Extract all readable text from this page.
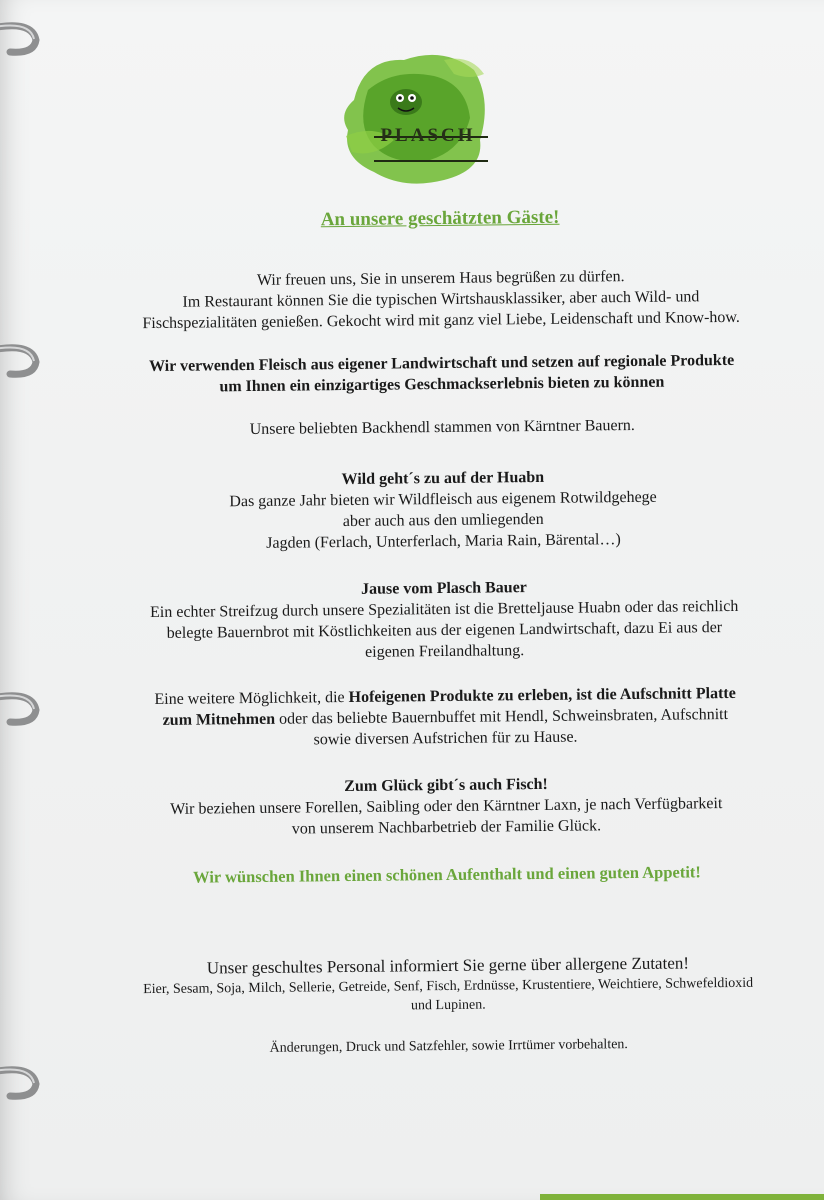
PLASCH
An unsere geschätzten Gäste!

Wir freuen uns, Sie in unserem Haus begrüßen zu dürfen.

Im Restaurant können Sie die typischen Wirtshausklassiker, aber auch Wild- und

Fischspezialitäten genießen. Gekocht wird mit ganz viel Liebe, Leidenschaft und Know-how.

Wir verwenden Fleisch aus eigener Landwirtschaft und setzen auf regionale Produkte

um Ihnen ein einzigartiges Geschmackserlebnis bieten zu können

Unsere beliebten Backhendl stammen von Kärntner Bauern.

Wild geht´s zu auf der Huabn

Das ganze Jahr bieten wir Wildfleisch aus eigenem Rotwildgehege

aber auch aus den umliegenden

Jagden (Ferlach, Unterferlach, Maria Rain, Bärental…)

Jause vom Plasch Bauer

Ein echter Streifzug durch unsere Spezialitäten ist die Bretteljause Huabn oder das reichlich

belegte Bauernbrot mit Köstlichkeiten aus der eigenen Landwirtschaft, dazu Ei aus der

eigenen Freilandhaltung.

Eine weitere Möglichkeit, die Hofeigenen Produkte zu erleben, ist die Aufschnitt Platte

zum Mitnehmen oder das beliebte Bauernbuffet mit Hendl, Schweinsbraten, Aufschnitt

sowie diversen Aufstrichen für zu Hause.

Zum Glück gibt´s auch Fisch!

Wir beziehen unsere Forellen, Saibling oder den Kärntner Laxn, je nach Verfügbarkeit

von unserem Nachbarbetrieb der Familie Glück.

Wir wünschen Ihnen einen schönen Aufenthalt und einen guten Appetit!

Unser geschultes Personal informiert Sie gerne über allergene Zutaten!

Eier, Sesam, Soja, Milch, Sellerie, Getreide, Senf, Fisch, Erdnüsse, Krustentiere, Weichtiere, Schwefeldioxid

und Lupinen.

Änderungen, Druck und Satzfehler, sowie Irrtümer vorbehalten.
